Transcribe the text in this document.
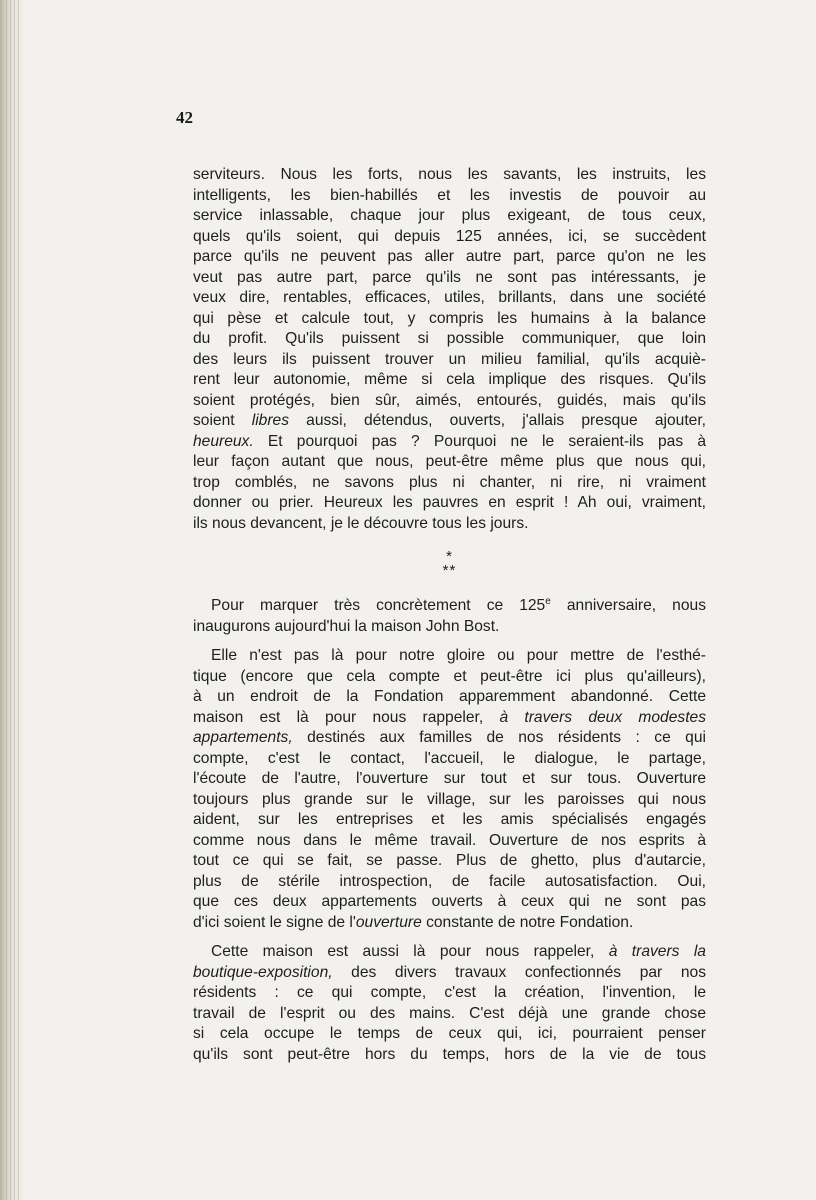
42

serviteurs. Nous les forts, nous les savants, les instruits, les

intelligents, les bien-habillés et les investis de pouvoir au

service inlassable, chaque jour plus exigeant, de tous ceux,

quels qu'ils soient, qui depuis 125 années, ici, se succèdent

parce qu'ils ne peuvent pas aller autre part, parce qu'on ne les

veut pas autre part, parce qu'ils ne sont pas intéressants, je

veux dire, rentables, efficaces, utiles, brillants, dans une société

qui pèse et calcule tout, y compris les humains à la balance

du profit. Qu'ils puissent si possible communiquer, que loin

des leurs ils puissent trouver un milieu familial, qu'ils acquiè-

rent leur autonomie, même si cela implique des risques. Qu'ils

soient protégés, bien sûr, aimés, entourés, guidés, mais qu'ils

soient libres aussi, détendus, ouverts, j'allais presque ajouter,

heureux. Et pourquoi pas ? Pourquoi ne le seraient-ils pas à

leur façon autant que nous, peut-être même plus que nous qui,

trop comblés, ne savons plus ni chanter, ni rire, ni vraiment

donner ou prier. Heureux les pauvres en esprit ! Ah oui, vraiment,

ils nous devancent, je le découvre tous les jours.

*
**

Pour marquer très concrètement ce 125e anniversaire, nous

inaugurons aujourd'hui la maison John Bost.

Elle n'est pas là pour notre gloire ou pour mettre de l'esthé-

tique (encore que cela compte et peut-être ici plus qu'ailleurs),

à un endroit de la Fondation apparemment abandonné. Cette

maison est là pour nous rappeler, à travers deux modestes

appartements, destinés aux familles de nos résidents : ce qui

compte, c'est le contact, l'accueil, le dialogue, le partage,

l'écoute de l'autre, l'ouverture sur tout et sur tous. Ouverture

toujours plus grande sur le village, sur les paroisses qui nous

aident, sur les entreprises et les amis spécialisés engagés

comme nous dans le même travail. Ouverture de nos esprits à

tout ce qui se fait, se passe. Plus de ghetto, plus d'autarcie,

plus de stérile introspection, de facile autosatisfaction. Oui,

que ces deux appartements ouverts à ceux qui ne sont pas

d'ici soient le signe de l'ouverture constante de notre Fondation.

Cette maison est aussi là pour nous rappeler, à travers la

boutique-exposition, des divers travaux confectionnés par nos

résidents : ce qui compte, c'est la création, l'invention, le

travail de l'esprit ou des mains. C'est déjà une grande chose

si cela occupe le temps de ceux qui, ici, pourraient penser

qu'ils sont peut-être hors du temps, hors de la vie de tous
